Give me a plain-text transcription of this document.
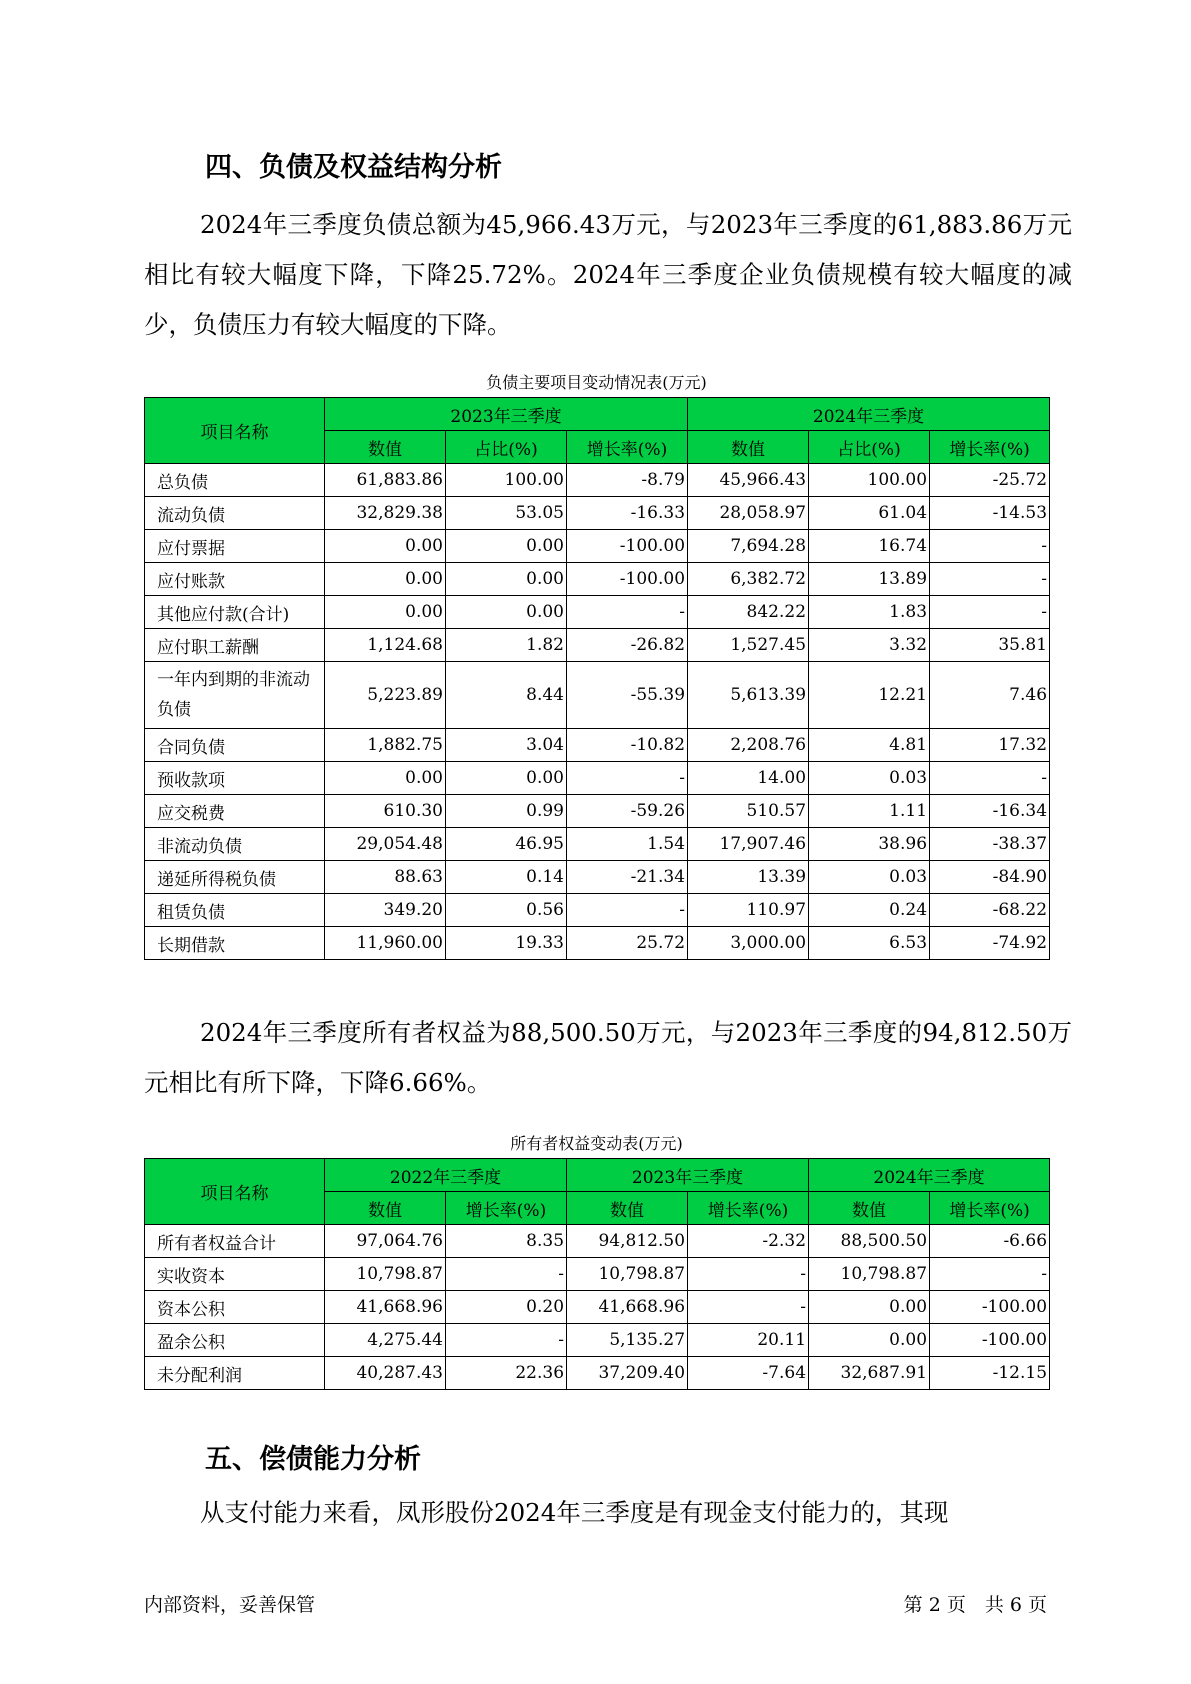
四、负债及权益结构分析

2024年三季度负债总额为45,966.43万元，与2023年三季度的61,883.86万元相比有较大幅度下降，下降25.72%。2024年三季度企业负债规模有较大幅度的减少，负债压力有较大幅度的下降。

负债主要项目变动情况表(万元)

项目名称	2023年三季度			2024年三季度		
	数值	占比(%)	增长率(%)	数值	占比(%)	增长率(%)
总负债	61,883.86	100.00	-8.79	45,966.43	100.00	-25.72
流动负债	32,829.38	53.05	-16.33	28,058.97	61.04	-14.53
应付票据	0.00	0.00	-100.00	7,694.28	16.74	-
应付账款	0.00	0.00	-100.00	6,382.72	13.89	-
其他应付款(合计)	0.00	0.00	-	842.22	1.83	-
应付职工薪酬	1,124.68	1.82	-26.82	1,527.45	3.32	35.81
一年内到期的非流动负债	5,223.89	8.44	-55.39	5,613.39	12.21	7.46
合同负债	1,882.75	3.04	-10.82	2,208.76	4.81	17.32
预收款项	0.00	0.00	-	14.00	0.03	-
应交税费	610.30	0.99	-59.26	510.57	1.11	-16.34
非流动负债	29,054.48	46.95	1.54	17,907.46	38.96	-38.37
递延所得税负债	88.63	0.14	-21.34	13.39	0.03	-84.90
租赁负债	349.20	0.56	-	110.97	0.24	-68.22
长期借款	11,960.00	19.33	25.72	3,000.00	6.53	-74.92

2024年三季度所有者权益为88,500.50万元，与2023年三季度的94,812.50万元相比有所下降，下降6.66%。

所有者权益变动表(万元)

项目名称	2022年三季度		2023年三季度		2024年三季度	
	数值	增长率(%)	数值	增长率(%)	数值	增长率(%)
所有者权益合计	97,064.76	8.35	94,812.50	-2.32	88,500.50	-6.66
实收资本	10,798.87	-	10,798.87	-	10,798.87	-
资本公积	41,668.96	0.20	41,668.96	-	0.00	-100.00
盈余公积	4,275.44	-	5,135.27	20.11	0.00	-100.00
未分配利润	40,287.43	22.36	37,209.40	-7.64	32,687.91	-12.15
五、偿债能力分析

从支付能力来看，凤形股份2024年三季度是有现金支付能力的，其现

内部资料，妥善保管	第 2 页　共 6 页
